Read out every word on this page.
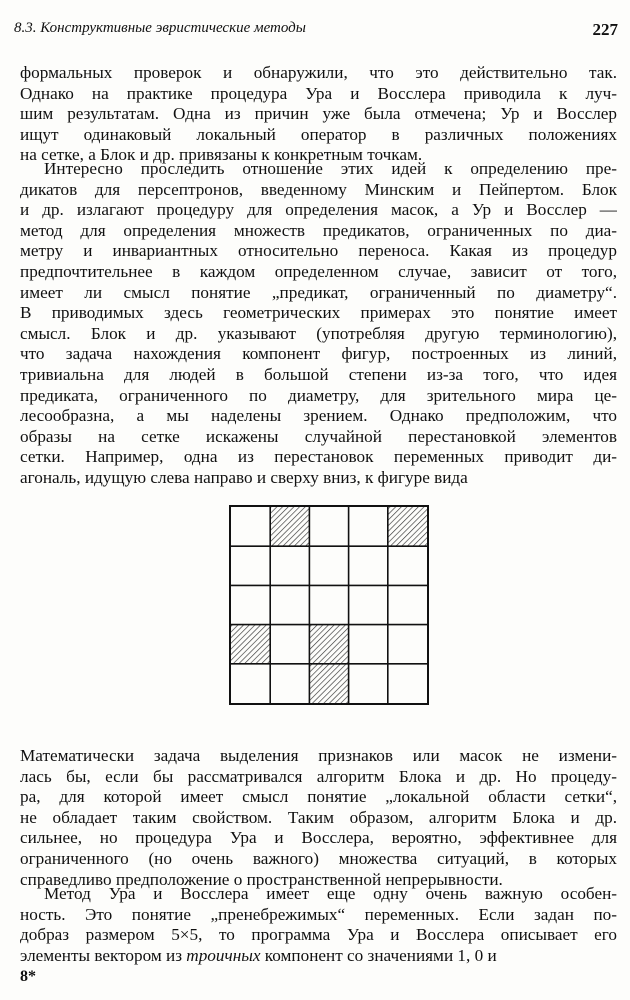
8.3. Конструктивные эвристические методы	227
формальных проверок и обнаружили, что это действительно так.
Однако на практике процедура Ура и Восслера приводила к луч-
шим результатам. Одна из причин уже была отмечена; Ур и Восслер
ищут одинаковый локальный оператор в различных положениях
на сетке, а Блок и др. привязаны к конкретным точкам.
Интересно проследить отношение этих идей к определению пре-
дикатов для персептронов, введенному Минским и Пейпертом. Блок
и др. излагают процедуру для определения масок, а Ур и Восслер —
метод для определения множеств предикатов, ограниченных по диа-
метру и инвариантных относительно переноса. Какая из процедур
предпочтительнее в каждом определенном случае, зависит от того,
имеет ли смысл понятие „предикат, ограниченный по диаметру“.
В приводимых здесь геометрических примерах это понятие имеет
смысл. Блок и др. указывают (употребляя другую терминологию),
что задача нахождения компонент фигур, построенных из линий,
тривиальна для людей в большой степени из-за того, что идея
предиката, ограниченного по диаметру, для зрительного мира це-
лесообразна, а мы наделены зрением. Однако предположим, что
образы на сетке искажены случайной перестановкой элементов
сетки. Например, одна из перестановок переменных приводит ди-
агональ, идущую слева направо и сверху вниз, к фигуре вида
Математически задача выделения признаков или масок не измени-
лась бы, если бы рассматривался алгоритм Блока и др. Но процеду-
ра, для которой имеет смысл понятие „локальной области сетки“,
не обладает таким свойством. Таким образом, алгоритм Блока и др.
сильнее, но процедура Ура и Восслера, вероятно, эффективнее для
ограниченного (но очень важного) множества ситуаций, в которых
справедливо предположение о пространственной непрерывности.
Метод Ура и Восслера имеет еще одну очень важную особен-
ность. Это понятие „пренебрежимых“ переменных. Если задан по-
добраз размером 5×5, то программа Ура и Восслера описывает его
элементы вектором из троичных компонент со значениями 1, 0 и
8*
